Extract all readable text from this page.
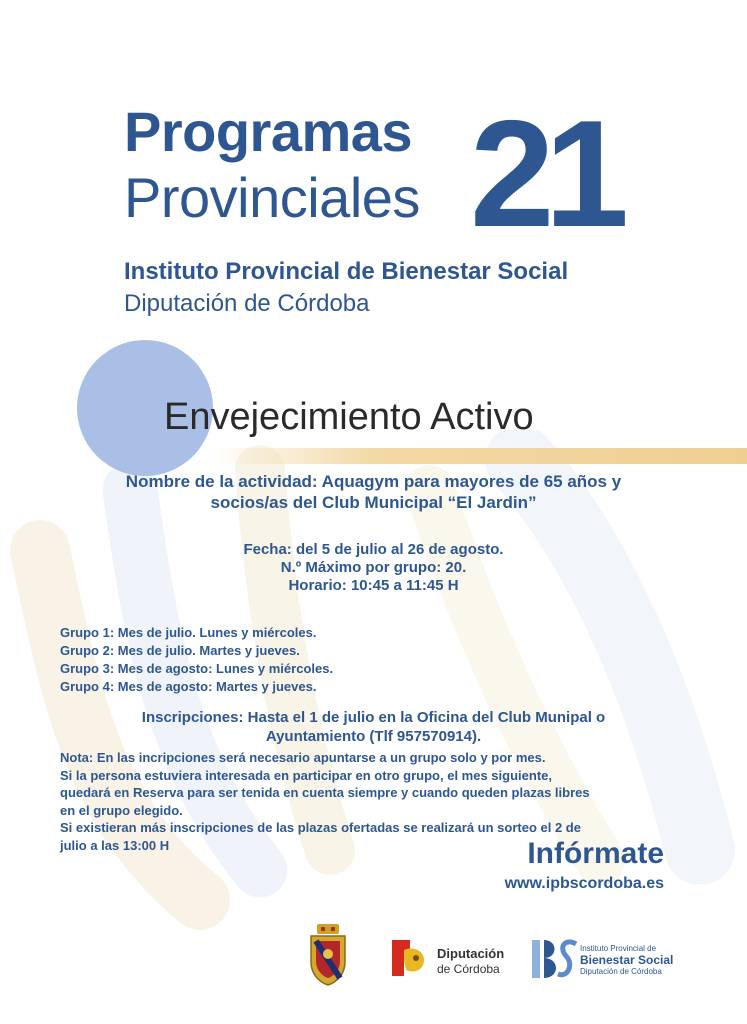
Programas
Provinciales 21
Instituto Provincial de Bienestar Social
Diputación de Córdoba
Envejecimiento Activo

Nombre de la actividad: Aquagym para mayores de 65 años y

socios/as del Club Municipal “El Jardin”

Fecha: del 5 de julio al 26 de agosto.

N.º Máximo por grupo: 20.

Horario: 10:45 a 11:45 H

Grupo 1: Mes de julio. Lunes y miércoles.

Grupo 2: Mes de julio. Martes y jueves.

Grupo 3: Mes de agosto: Lunes y miércoles.

Grupo 4: Mes de agosto: Martes y jueves.

Inscripciones: Hasta el 1 de julio en la Oficina del Club Munipal o

Ayuntamiento (Tlf 957570914).

Nota: En las incripciones será necesario apuntarse a un grupo solo y por mes.

Si la persona estuviera interesada en participar en otro grupo, el mes siguiente,

quedará en Reserva para ser tenida en cuenta siempre y cuando queden plazas libres

en el grupo elegido.

Si existieran más inscripciones de las plazas ofertadas se realizará un sorteo el 2 de

julio a las 13:00 H	Infórmate
www.ipbscordoba.es
Diputación
de Córdoba
Instituto Provincial de
Bienestar Social
Diputación de Córdoba
